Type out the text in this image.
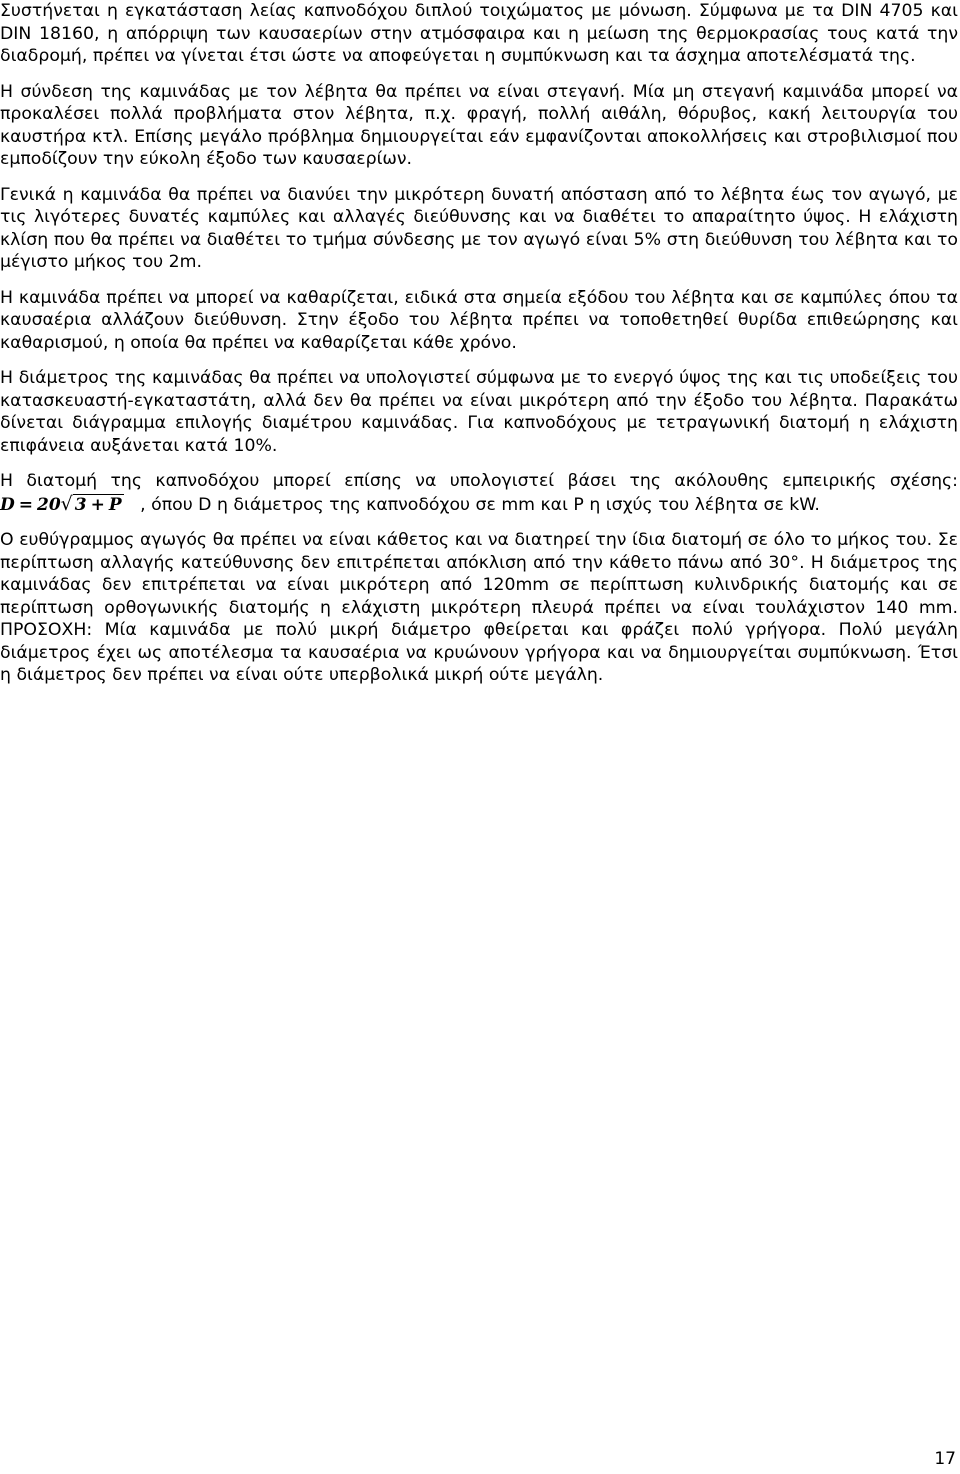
Συστήνεται η εγκατάσταση λείας καπνοδόχου διπλού τοιχώματος με μόνωση. Σύμφωνα με τα DIN 4705 και DIN 18160, η απόρριψη των καυσαερίων στην ατμόσφαιρα και η μείωση της θερμοκρασίας τους κατά την διαδρομή, πρέπει να γίνεται έτσι ώστε να αποφεύγεται η συμπύκνωση και τα άσχημα αποτελέσματά της.

Η σύνδεση της καμινάδας με τον λέβητα θα πρέπει να είναι στεγανή. Μία μη στεγανή καμινάδα μπορεί να προκαλέσει πολλά προβλήματα στον λέβητα, π.χ. φραγή, πολλή αιθάλη, θόρυβος, κακή λειτουργία του καυστήρα κτλ. Επίσης μεγάλο πρόβλημα δημιουργείται εάν εμφανίζονται αποκολλήσεις και στροβιλισμοί που εμποδίζουν την εύκολη έξοδο των καυσαερίων.

Γενικά η καμινάδα θα πρέπει να διανύει την μικρότερη δυνατή απόσταση από το λέβητα έως τον αγωγό, με τις λιγότερες δυνατές καμπύλες και αλλαγές διεύθυνσης και να διαθέτει το απαραίτητο ύψος. Η ελάχιστη κλίση που θα πρέπει να διαθέτει το τμήμα σύνδεσης με τον αγωγό είναι 5% στη διεύθυνση του λέβητα και το μέγιστο μήκος του 2m.

Η καμινάδα πρέπει να μπορεί να καθαρίζεται, ειδικά στα σημεία εξόδου του λέβητα και σε καμπύλες όπου τα καυσαέρια αλλάζουν διεύθυνση. Στην έξοδο του λέβητα πρέπει να τοποθετηθεί θυρίδα επιθεώρησης και καθαρισμού, η οποία θα πρέπει να καθαρίζεται κάθε χρόνο.

Η διάμετρος της καμινάδας θα πρέπει να υπολογιστεί σύμφωνα με το ενεργό ύψος της και τις υποδείξεις του κατασκευαστή-εγκαταστάτη, αλλά δεν θα πρέπει να είναι μικρότερη από την έξοδο του λέβητα. Παρακάτω δίνεται διάγραμμα επιλογής διαμέτρου καμινάδας. Για καπνοδόχους με τετραγωνική διατομή η ελάχιστη επιφάνεια αυξάνεται κατά 10%.

Η διατομή της καπνοδόχου μπορεί επίσης να υπολογιστεί βάσει της ακόλουθης εμπειρικής σχέσης: D = 20√ 3 + P , όπου D η διάμετρος της καπνοδόχου σε mm και P η ισχύς του λέβητα σε kW.

Ο ευθύγραμμος αγωγός θα πρέπει να είναι κάθετος και να διατηρεί την ίδια διατομή σε όλο το μήκος του. Σε περίπτωση αλλαγής κατεύθυνσης δεν επιτρέπεται απόκλιση από την κάθετο πάνω από 30°. Η διάμετρος της καμινάδας δεν επιτρέπεται να είναι μικρότερη από 120mm σε περίπτωση κυλινδρικής διατομής και σε περίπτωση ορθογωνικής διατομής η ελάχιστη μικρότερη πλευρά πρέπει να είναι τουλάχιστον 140 mm. ΠΡΟΣΟΧΗ: Μία καμινάδα με πολύ μικρή διάμετρο φθείρεται και φράζει πολύ γρήγορα. Πολύ μεγάλη διάμετρος έχει ως αποτέλεσμα τα καυσαέρια να κρυώνουν γρήγορα και να δημιουργείται συμπύκνωση. Έτσι η διάμετρος δεν πρέπει να είναι ούτε υπερβολικά μικρή ούτε μεγάλη.

17
